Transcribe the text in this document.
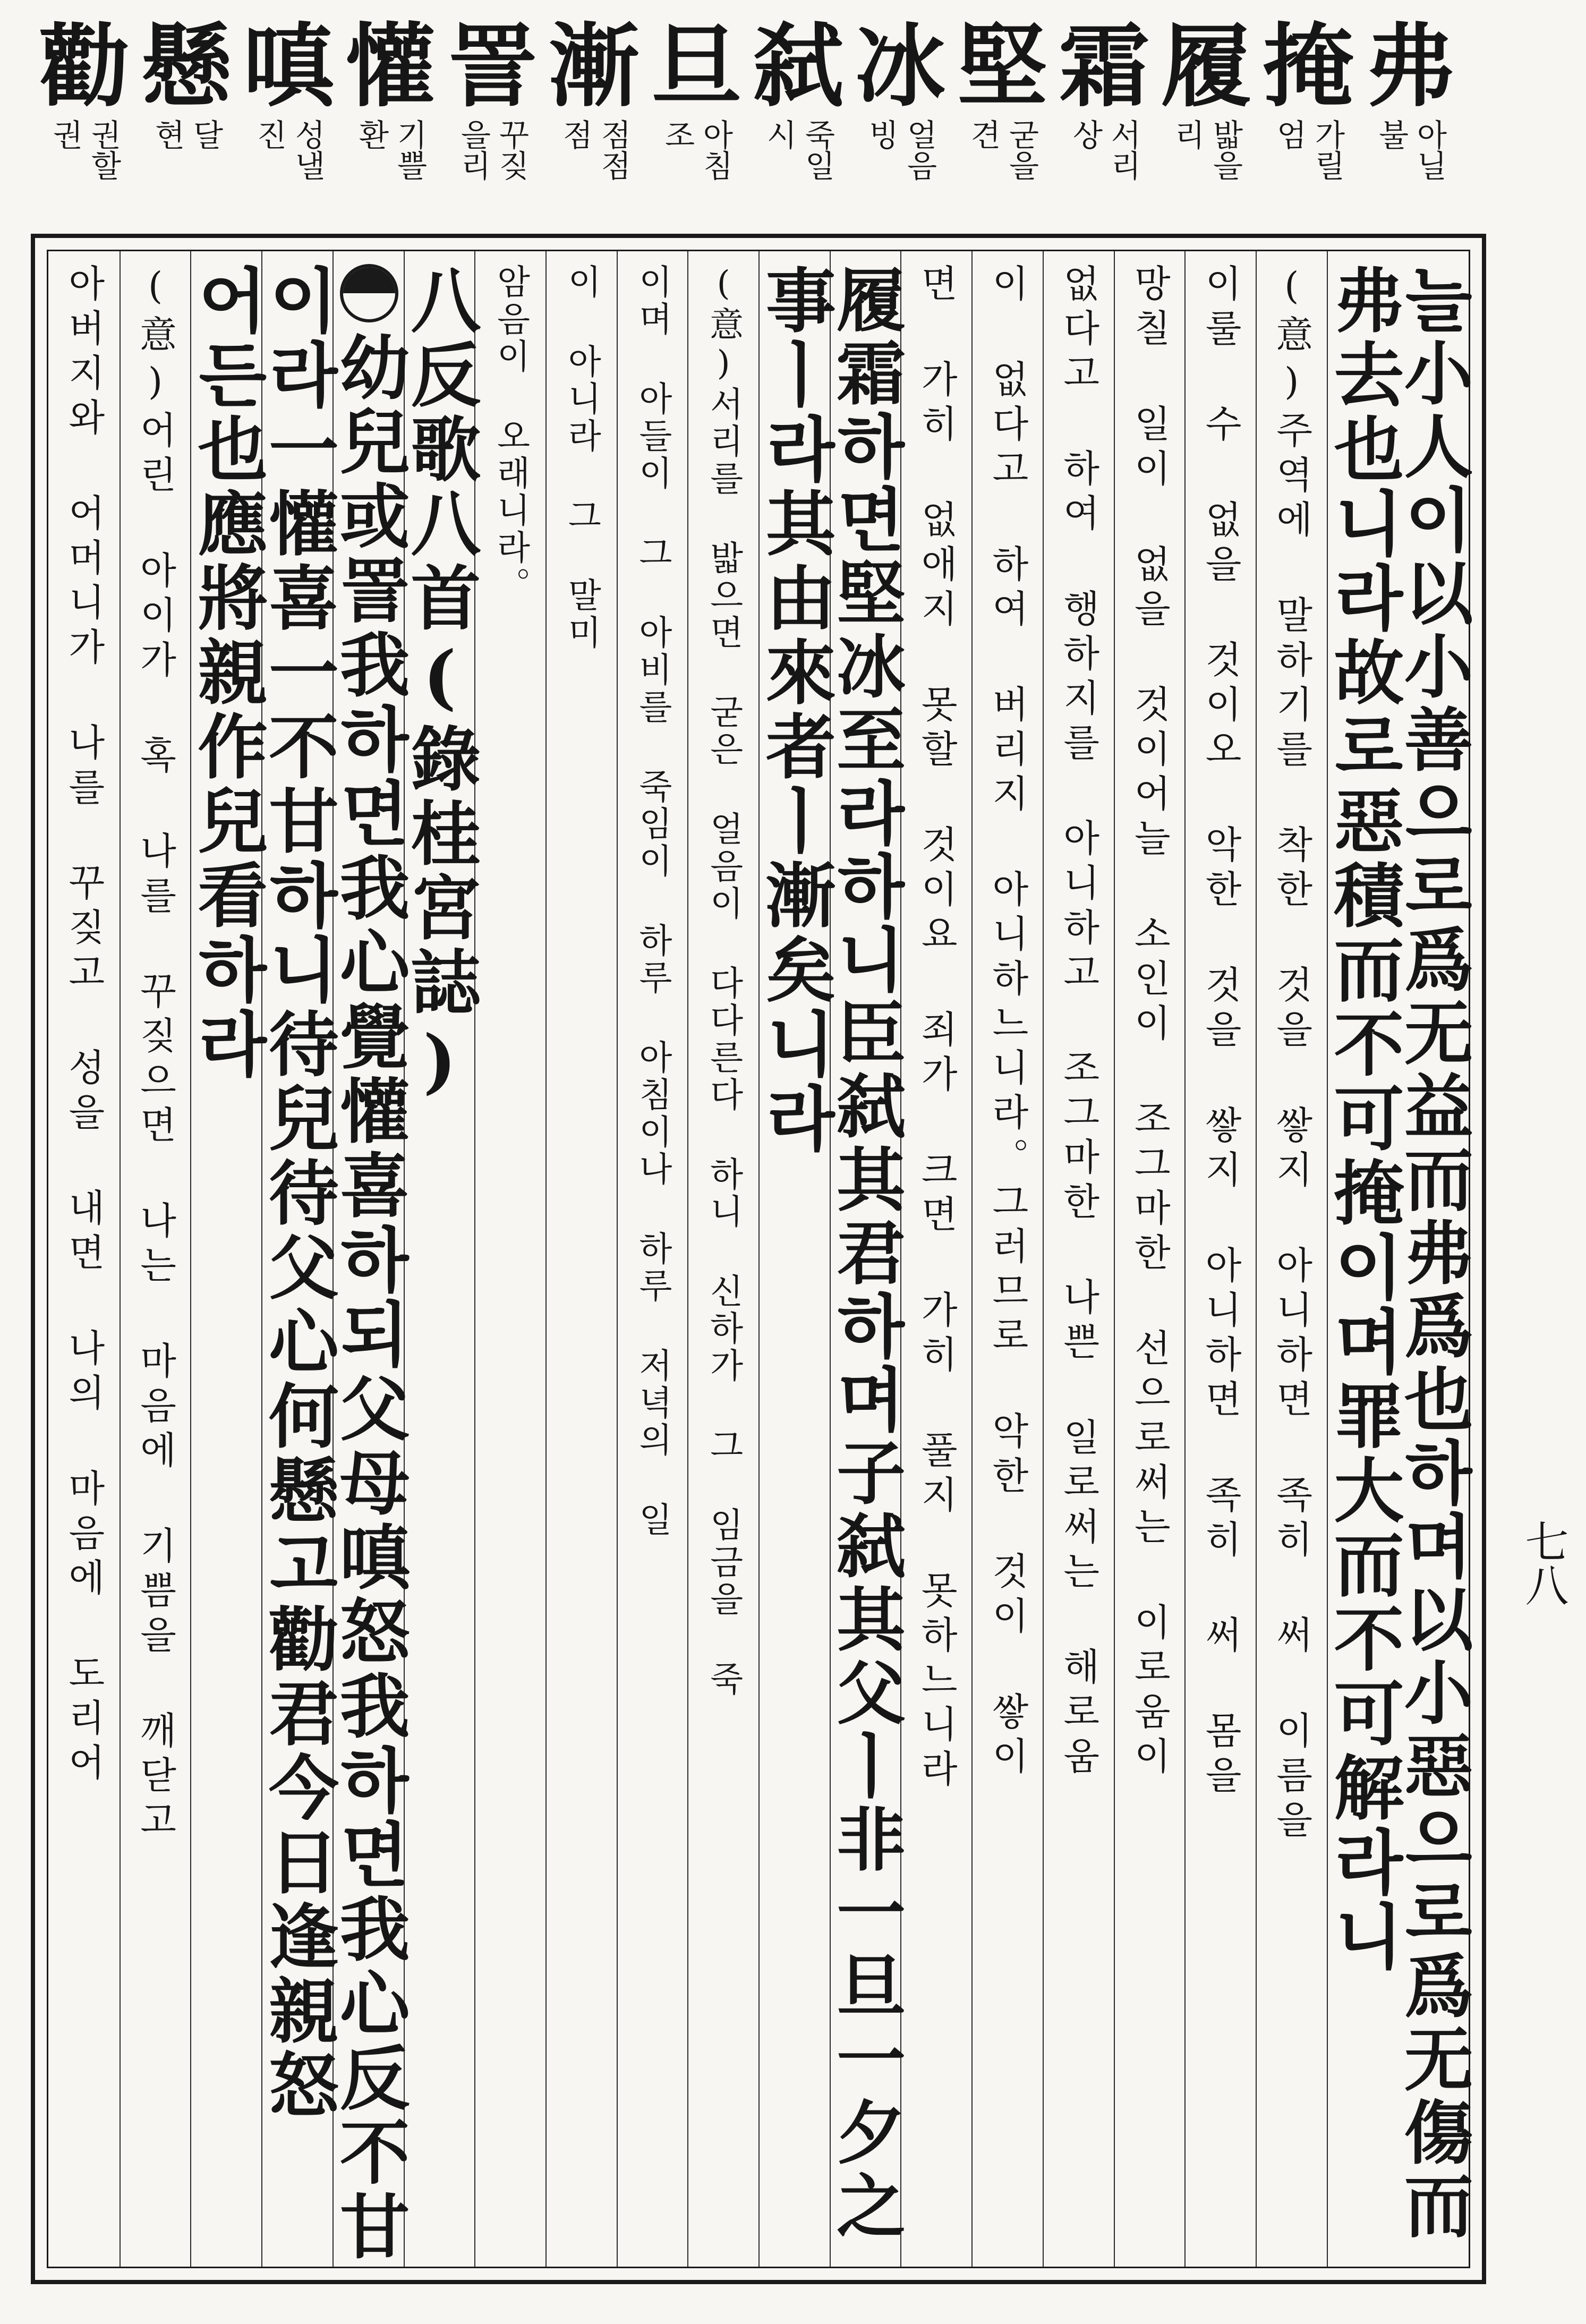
弗
아닐
불
掩
가릴
엄
履
밟을
리
霜
서리
상
堅
굳을
견
冰
얼음
빙
弑
죽일
시
旦
아침
조
漸
점점
점
詈
꾸짖
을리
懽
기쁠
환
嗔
성낼
진
懸
달
현
勸
권할
권
늘小人이以小善으로爲无益而弗爲也하며以小惡으로爲无傷而
弗去也니라故로惡積而不可掩이며罪大而不可解라니
(意)주역에 말하기를 착한 것을 쌓지 아니하면 족히 써 이름을
이룰 수 없을 것이오 악한 것을 쌓지 아니하면 족히 써 몸을
망칠 일이 없을 것이어늘 소인이 조그마한 선으로써는 이로움이
없다고 하여 행하지를 아니하고 조그마한 나쁜 일로써는 해로움
이 없다고 하여 버리지 아니하느니라。그러므로 악한 것이 쌓이
면 가히 없애지 못할 것이요 죄가 크면 가히 풀지 못하느니라
履霜하면堅冰至라하니臣弑其君하며子弑其父ㅣ非一旦一夕之
事ㅣ라其由來者ㅣ漸矣니라
(意)서리를 밟으면 굳은 얼음이 다다른다 하니 신하가 그 임금을 죽
이며 아들이 그 아비를 죽임이 하루 아침이나 하루 저녁의 일
이 아니라 그 말미
암음이 오래니라。
八反歌八首(錄桂宮誌)
幼兒或詈我하면我心覺懽喜하되父母嗔怒我하면我心反不甘
이라一懽喜一不甘하니待兒待父心何懸고勸君今日逢親怒
어든也應將親作兒看하라
(意)어린 아이가 혹 나를 꾸짖으면 나는 마음에 기쁨을 깨닫고
아버지와 어머니가 나를 꾸짖고 성을 내면 나의 마음에 도리어	七八
